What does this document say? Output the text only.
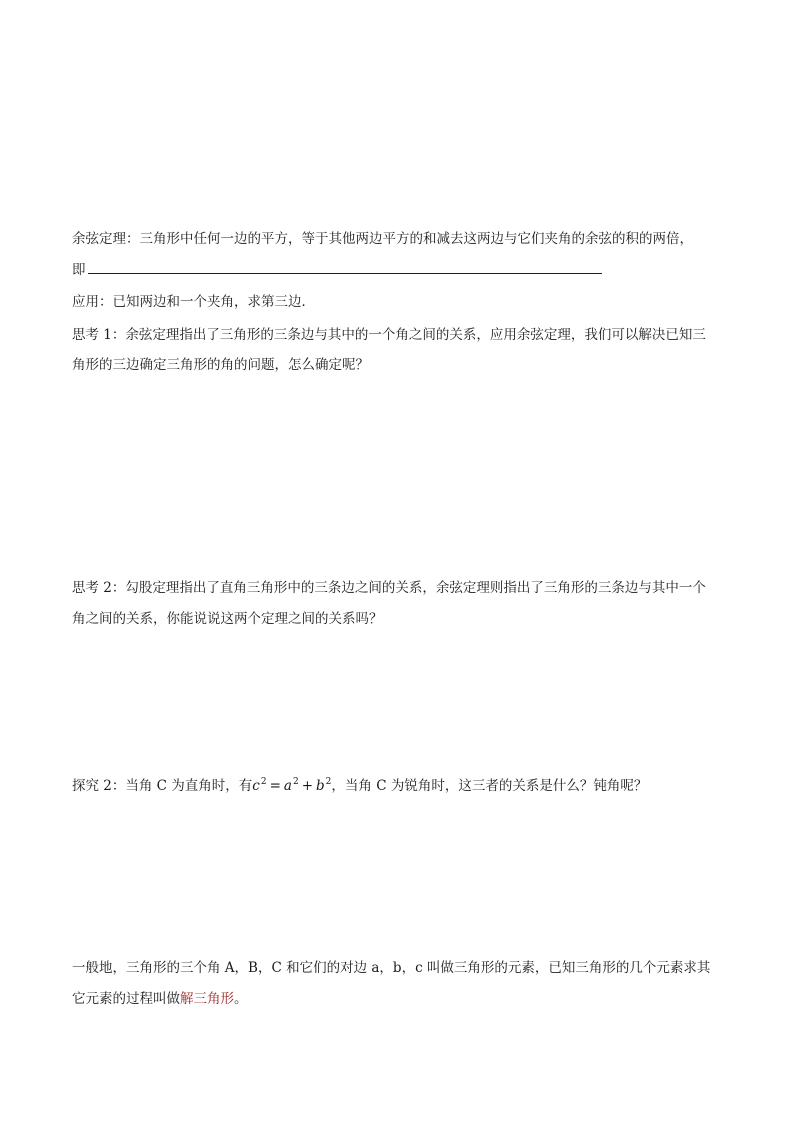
余弦定理：三角形中任何一边的平方，等于其他两边平方的和减去这两边与它们夹角的余弦的积的两倍，
即
应用：已知两边和一个夹角，求第三边．
思考 1：余弦定理指出了三角形的三条边与其中的一个角之间的关系，应用余弦定理，我们可以解决已知三
角形的三边确定三角形的角的问题，怎么确定呢？
思考 2：勾股定理指出了直角三角形中的三条边之间的关系，余弦定理则指出了三角形的三条边与其中一个
角之间的关系，你能说说这两个定理之间的关系吗？
探究 2：当角 C 为直角时，有$c^2 = a^2 + b^2$，当角 C 为锐角时，这三者的关系是什么？钝角呢？
一般地，三角形的三个角 A，B，C 和它们的对边 a，b，c 叫做三角形的元素，已知三角形的几个元素求其
它元素的过程叫做解三角形。
